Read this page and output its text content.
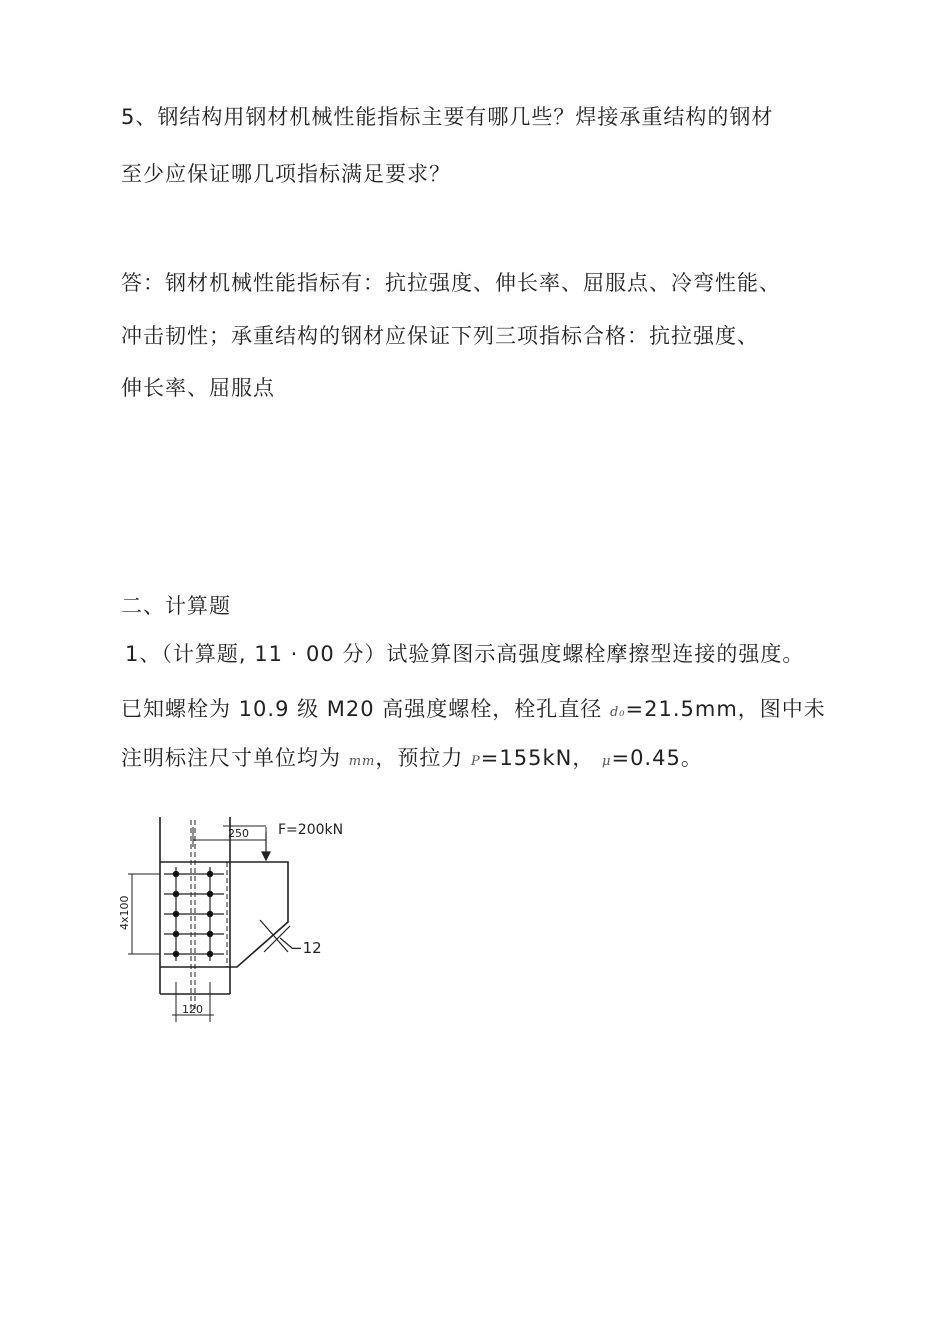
5、钢结构用钢材机械性能指标主要有哪几些？焊接承重结构的钢材
至少应保证哪几项指标满足要求？
答：钢材机械性能指标有：抗拉强度、伸长率、屈服点、冷弯性能、
冲击韧性；承重结构的钢材应保证下列三项指标合格：抗拉强度、
伸长率、屈服点
二、计算题
1、（计算题, 11 · 00 分）试验算图示高强度螺栓摩擦型连接的强度。
已知螺栓为 10.9 级 M20 高强度螺栓，栓孔直径 d₀=21.5mm，图中未
注明标注尺寸单位均为 mm，预拉力 P=155kN， μ=0.45。
250 F=200kN
4x100
−12
120
